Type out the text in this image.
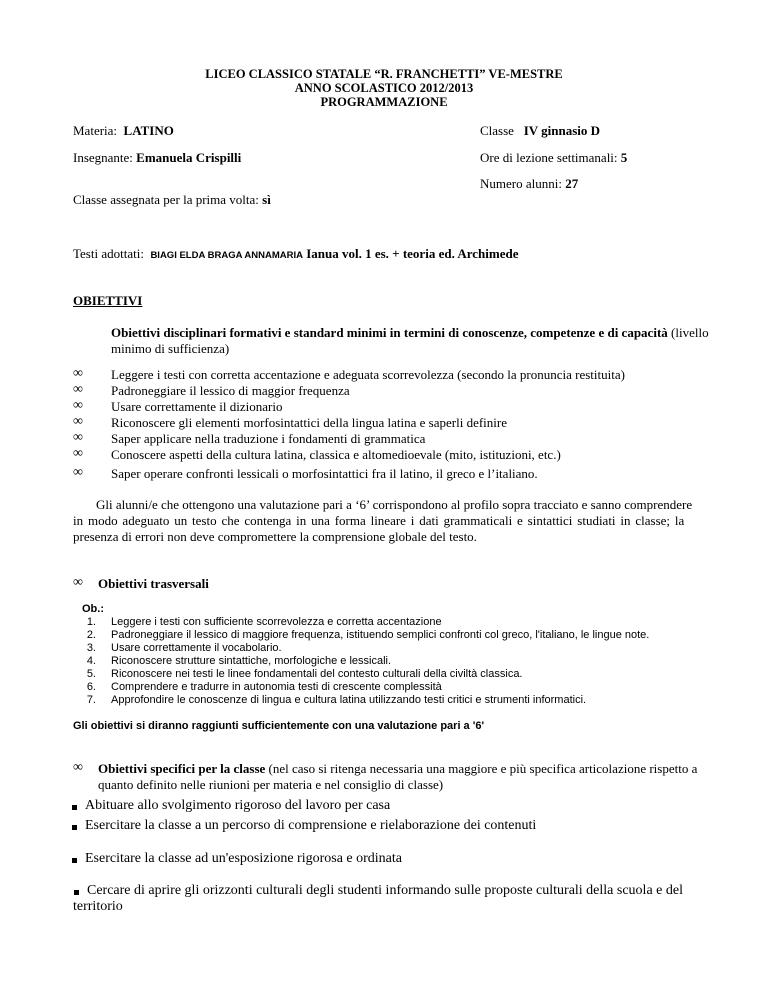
LICEO CLASSICO STATALE “R. FRANCHETTI” VE-MESTRE
ANNO SCOLASTICO 2012/2013
PROGRAMMAZIONE
Materia: LATINO	Classe IV ginnasio D
Insegnante: Emanuela Crispilli	Ore di lezione settimanali: 5
Numero alunni: 27
Classe assegnata per la prima volta: sì
Testi adottati: BIAGI ELDA BRAGA ANNAMARIA Ianua vol. 1 es. + teoria ed. Archimede
OBIETTIVI
Obiettivi disciplinari formativi e standard minimi in termini di conoscenze, competenze e di capacità (livello
minimo di sufficienza)
∞ Leggere i testi con corretta accentazione e adeguata scorrevolezza (secondo la pronuncia restituita)
∞ Padroneggiare il lessico di maggior frequenza
∞ Usare correttamente il dizionario
∞ Riconoscere gli elementi morfosintattici della lingua latina e saperli definire
∞ Saper applicare nella traduzione i fondamenti di grammatica
∞ Conoscere aspetti della cultura latina, classica e altomedioevale (mito, istituzioni, etc.)
∞ Saper operare confronti lessicali o morfosintattici fra il latino, il greco e l’italiano.
Gli alunni/e che ottengono una valutazione pari a ‘6’ corrispondono al profilo sopra tracciato e sanno comprendere
in modo adeguato un testo che contenga in una forma lineare i dati grammaticali e sintattici studiati in classe; la
presenza di errori non deve compromettere la comprensione globale del testo.
∞ Obiettivi trasversali
Ob.:
1. Leggere i testi con sufficiente scorrevolezza e corretta accentazione
2. Padroneggiare il lessico di maggiore frequenza, istituendo semplici confronti col greco, l'italiano, le lingue note.
3. Usare correttamente il vocabolario.
4. Riconoscere strutture sintattiche, morfologiche e lessicali.
5. Riconoscere nei testi le linee fondamentali del contesto culturali della civiltà classica.
6. Comprendere e tradurre in autonomia testi di crescente complessità
7. Approfondire le conoscenze di lingua e cultura latina utilizzando testi critici e strumenti informatici.
Gli obiettivi si diranno raggiunti sufficientemente con una valutazione pari a '6'
∞ Obiettivi specifici per la classe (nel caso si ritenga necessaria una maggiore e più specifica articolazione rispetto a
quanto definito nelle riunioni per materia e nel consiglio di classe)
Abituare allo svolgimento rigoroso del lavoro per casa
Esercitare la classe a un percorso di comprensione e rielaborazione dei contenuti
Esercitare la classe ad un'esposizione rigorosa e ordinata
Cercare di aprire gli orizzonti culturali degli studenti informando sulle proposte culturali della scuola e del
territorio
